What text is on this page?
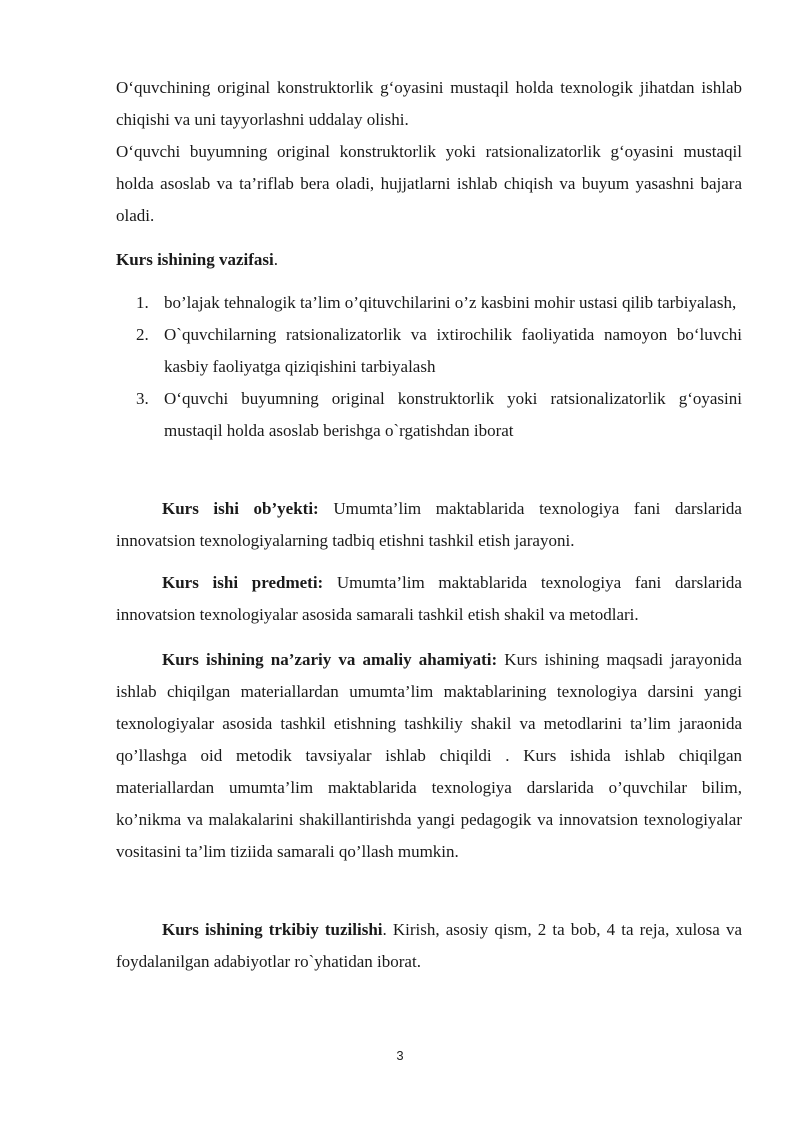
O‘quvchining original konstruktorlik g‘oyasini mustaqil holda texnologik jihatdan ishlab chiqishi va uni tayyorlashni uddalay olishi.

O‘quvchi buyumning original konstruktorlik yoki ratsionalizatorlik g‘oyasini mustaqil holda asoslab va ta’riflab bera oladi, hujjatlarni ishlab chiqish va buyum yasashni bajara oladi.

Kurs ishining vazifasi.

1. bo’lajak tehnalogik ta’lim o’qituvchilarini o’z kasbini mohir ustasi qilib tarbiyalash,

2. O`quvchilarning ratsionalizatorlik va ixtirochilik faoliyatida namoyon bo‘luvchi kasbiy faoliyatga qiziqishini tarbiyalash

3. O‘quvchi buyumning original konstruktorlik yoki ratsionalizatorlik g‘oyasini mustaqil holda asoslab berishga o`rgatishdan iborat

Kurs ishi ob’yekti: Umumta’lim maktablarida texnologiya fani darslarida innovatsion texnologiyalarning tadbiq etishni tashkil etish jarayoni.

Kurs ishi predmeti: Umumta’lim maktablarida texnologiya fani darslarida innovatsion texnologiyalar asosida samarali tashkil etish shakil va metodlari.

Kurs ishining na’zariy va amaliy ahamiyati: Kurs ishining maqsadi jarayonida ishlab chiqilgan materiallardan umumta’lim maktablarining texnologiya darsini yangi texnologiyalar asosida tashkil etishning tashkiliy shakil va metodlarini ta’lim jaraonida qo’llashga oid metodik tavsiyalar ishlab chiqildi . Kurs ishida ishlab chiqilgan materiallardan umumta’lim maktablarida texnologiya darslarida o’quvchilar bilim, ko’nikma va malakalarini shakillantirishda yangi pedagogik va innovatsion texnologiyalar vositasini ta’lim tiziida samarali qo’llash mumkin.

Kurs ishining trkibiy tuzilishi. Kirish, asosiy qism, 2 ta bob, 4 ta reja, xulosa va foydalanilgan adabiyotlar ro`yhatidan iborat.

3
